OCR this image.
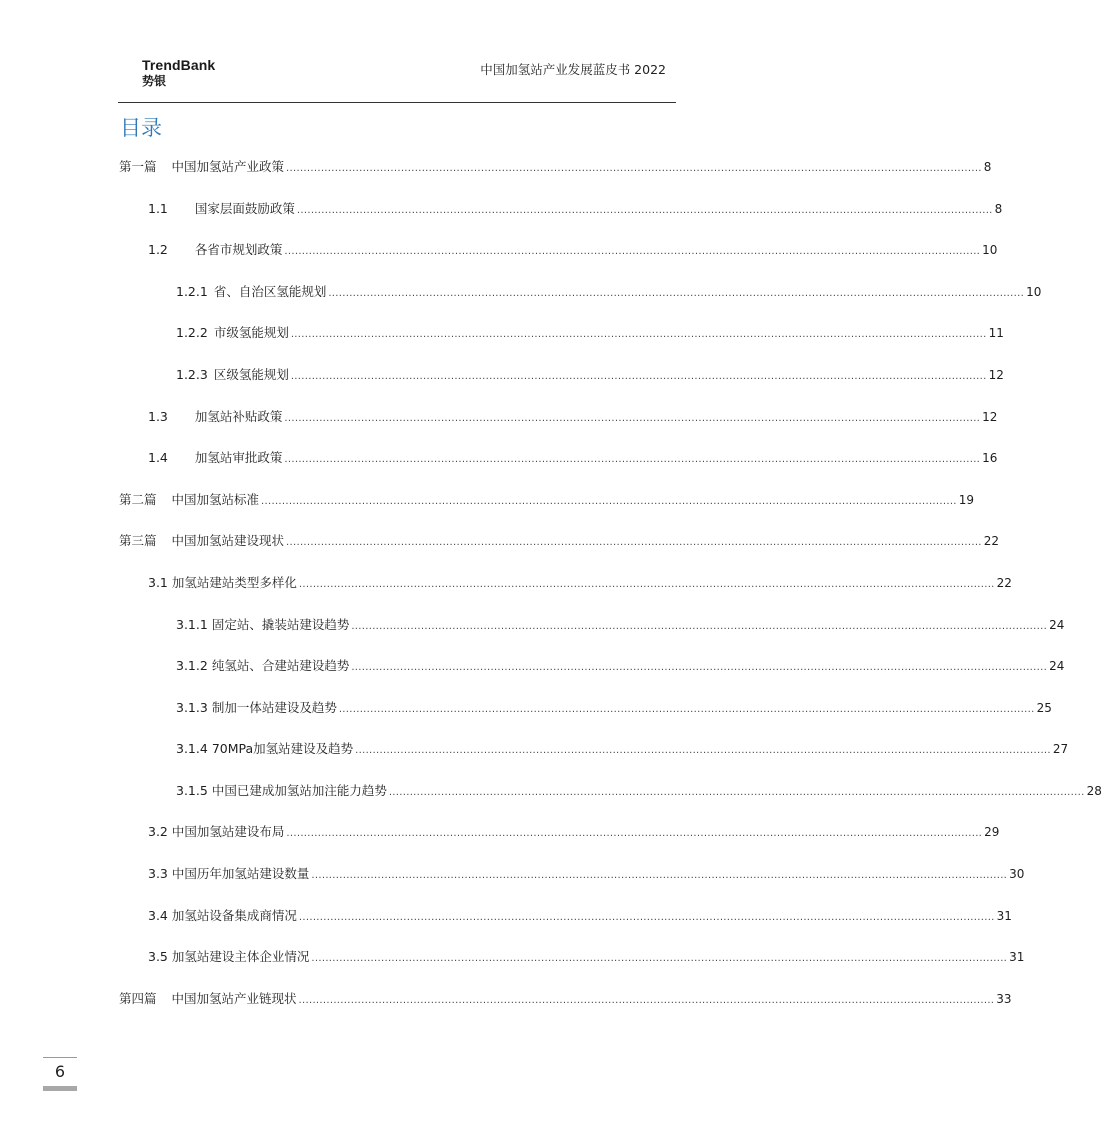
TrendBank
势银
中国加氢站产业发展蓝皮书 2022
目录
第一篇 中国加氢站产业政策 ........................................................................................................................................................................................................ 8
1.1 国家层面鼓励政策 ........................................................................................................................................................................................................ 8
1.2 各省市规划政策 ........................................................................................................................................................................................................ 10
1.2.1 省、自治区氢能规划 ........................................................................................................................................................................................................ 10
1.2.2 市级氢能规划 ........................................................................................................................................................................................................ 11
1.2.3 区级氢能规划 ........................................................................................................................................................................................................ 12
1.3 加氢站补贴政策 ........................................................................................................................................................................................................ 12
1.4 加氢站审批政策 ........................................................................................................................................................................................................ 16
第二篇 中国加氢站标准 ........................................................................................................................................................................................................ 19
第三篇 中国加氢站建设现状 ........................................................................................................................................................................................................ 22
3.1 加氢站建站类型多样化 ........................................................................................................................................................................................................ 22
3.1.1 固定站、撬装站建设趋势 ........................................................................................................................................................................................................ 24
3.1.2 纯氢站、合建站建设趋势 ........................................................................................................................................................................................................ 24
3.1.3 制加一体站建设及趋势 ........................................................................................................................................................................................................ 25
3.1.4 70MPa加氢站建设及趋势 ........................................................................................................................................................................................................ 27
3.1.5 中国已建成加氢站加注能力趋势 ........................................................................................................................................................................................................ 28
3.2 中国加氢站建设布局 ........................................................................................................................................................................................................ 29
3.3 中国历年加氢站建设数量 ........................................................................................................................................................................................................ 30
3.4 加氢站设备集成商情况 ........................................................................................................................................................................................................ 31
3.5 加氢站建设主体企业情况 ........................................................................................................................................................................................................ 31
第四篇 中国加氢站产业链现状 ........................................................................................................................................................................................................ 33
6
